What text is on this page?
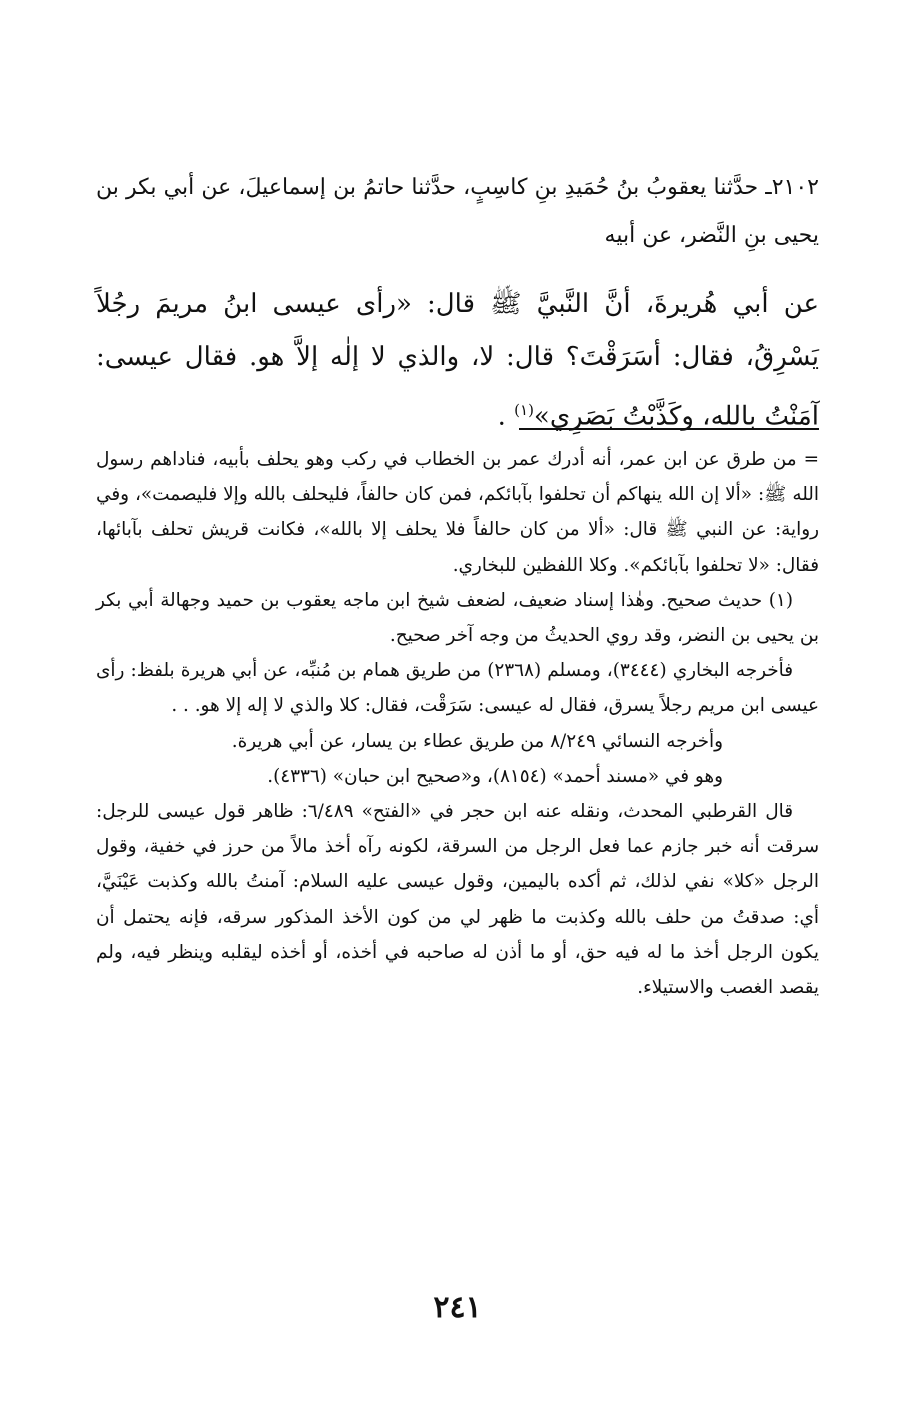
٢١٠٢ـ حدَّثنا يعقوبُ بنُ حُمَيدِ بنِ كاسِبٍ، حدَّثنا حاتمُ بن إسماعيلَ، عن أبي بكر بن يحيى بنِ النَّضر، عن أبيه

عن أبي هُريرةَ، أنَّ النَّبيَّ ﷺ قال: «رأى عيسى ابنُ مريمَ رجُلاً يَسْرِقُ، فقال: أسَرَقْتَ؟ قال: لا، والذي لا إلٰه إلاَّ هو. فقال عيسى: آمَنْتُ بالله، وكَذَّبْتُ بَصَرِي»$^{(١)}$ .

= من طرق عن ابن عمر، أنه أدرك عمر بن الخطاب في ركب وهو يحلف بأبيه، فناداهم رسول الله ﷺ: «ألا إن الله ينهاكم أن تحلفوا بآبائكم، فمن كان حالفاً، فليحلف بالله وإلا فليصمت»، وفي رواية: عن النبي ﷺ قال: «ألا من كان حالفاً فلا يحلف إلا بالله»، فكانت قريش تحلف بآبائها، فقال: «لا تحلفوا بآبائكم». وكلا اللفظين للبخاري.

(١) حديث صحيح. وهٰذا إسناد ضعيف، لضعف شيخ ابن ماجه يعقوب بن حميد وجهالة أبي بكر بن يحيى بن النضر، وقد روي الحديثُ من وجه آخر صحيح.

فأخرجه البخاري (٣٤٤٤)، ومسلم (٢٣٦٨) من طريق همام بن مُنبِّه، عن أبي هريرة بلفظ: رأى عيسى ابن مريم رجلاً يسرق، فقال له عيسى: سَرَقْت، فقال: كلا والذي لا إله إلا هو. . .

وأخرجه النسائي ٨/٢٤٩ من طريق عطاء بن يسار، عن أبي هريرة.

وهو في «مسند أحمد» (٨١٥٤)، و«صحيح ابن حبان» (٤٣٣٦).

قال القرطبي المحدث، ونقله عنه ابن حجر في «الفتح» ٦/٤٨٩: ظاهر قول عيسى للرجل: سرقت أنه خبر جازم عما فعل الرجل من السرقة، لكونه رآه أخذ مالاً من حرز في خفية، وقول الرجل «كلا» نفي لذلك، ثم أكده باليمين، وقول عيسى عليه السلام: آمنتُ بالله وكذبت عَيْنَيَّ، أي: صدقتُ من حلف بالله وكذبت ما ظهر لي من كون الأخذ المذكور سرقه، فإنه يحتمل أن يكون الرجل أخذ ما له فيه حق، أو ما أذن له صاحبه في أخذه، أو أخذه ليقلبه وينظر فيه، ولم يقصد الغصب والاستيلاء.

٢٤١
